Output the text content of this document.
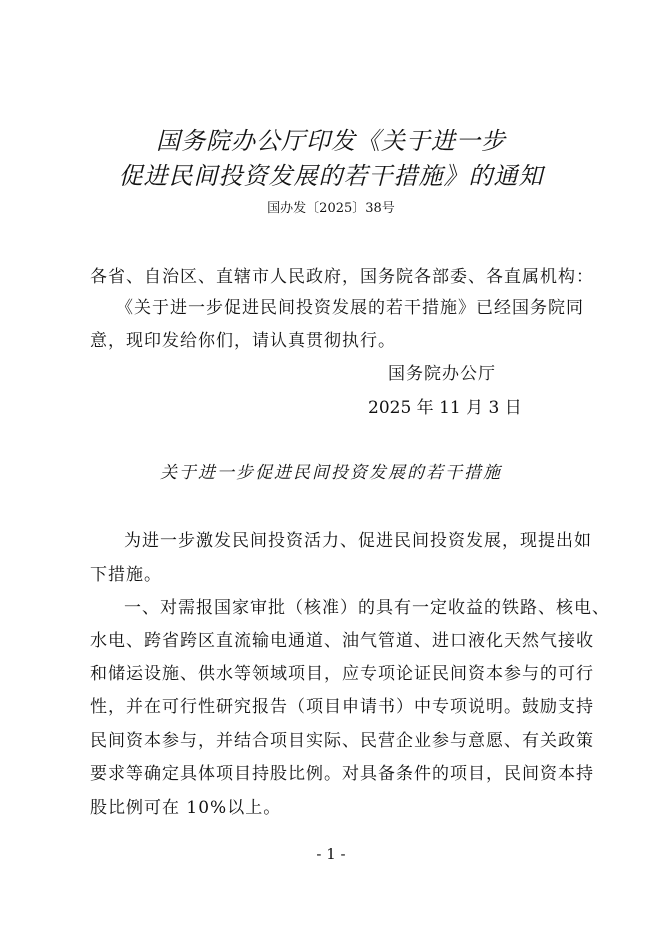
国务院办公厅印发《关于进一步
促进民间投资发展的若干措施》的通知
国办发〔2025〕38号
各省、自治区、直辖市人民政府，国务院各部委、各直属机构：
《关于进一步促进民间投资发展的若干措施》已经国务院同
意，现印发给你们，请认真贯彻执行。
国务院办公厅
2025 年 11 月 3 日
关于进一步促进民间投资发展的若干措施
为进一步激发民间投资活力、促进民间投资发展，现提出如
下措施。
一、对需报国家审批（核准）的具有一定收益的铁路、核电、
水电、跨省跨区直流输电通道、油气管道、进口液化天然气接收
和储运设施、供水等领域项目，应专项论证民间资本参与的可行
性，并在可行性研究报告（项目申请书）中专项说明。鼓励支持
民间资本参与，并结合项目实际、民营企业参与意愿、有关政策
要求等确定具体项目持股比例。对具备条件的项目，民间资本持
股比例可在 10%以上。
- 1 -
